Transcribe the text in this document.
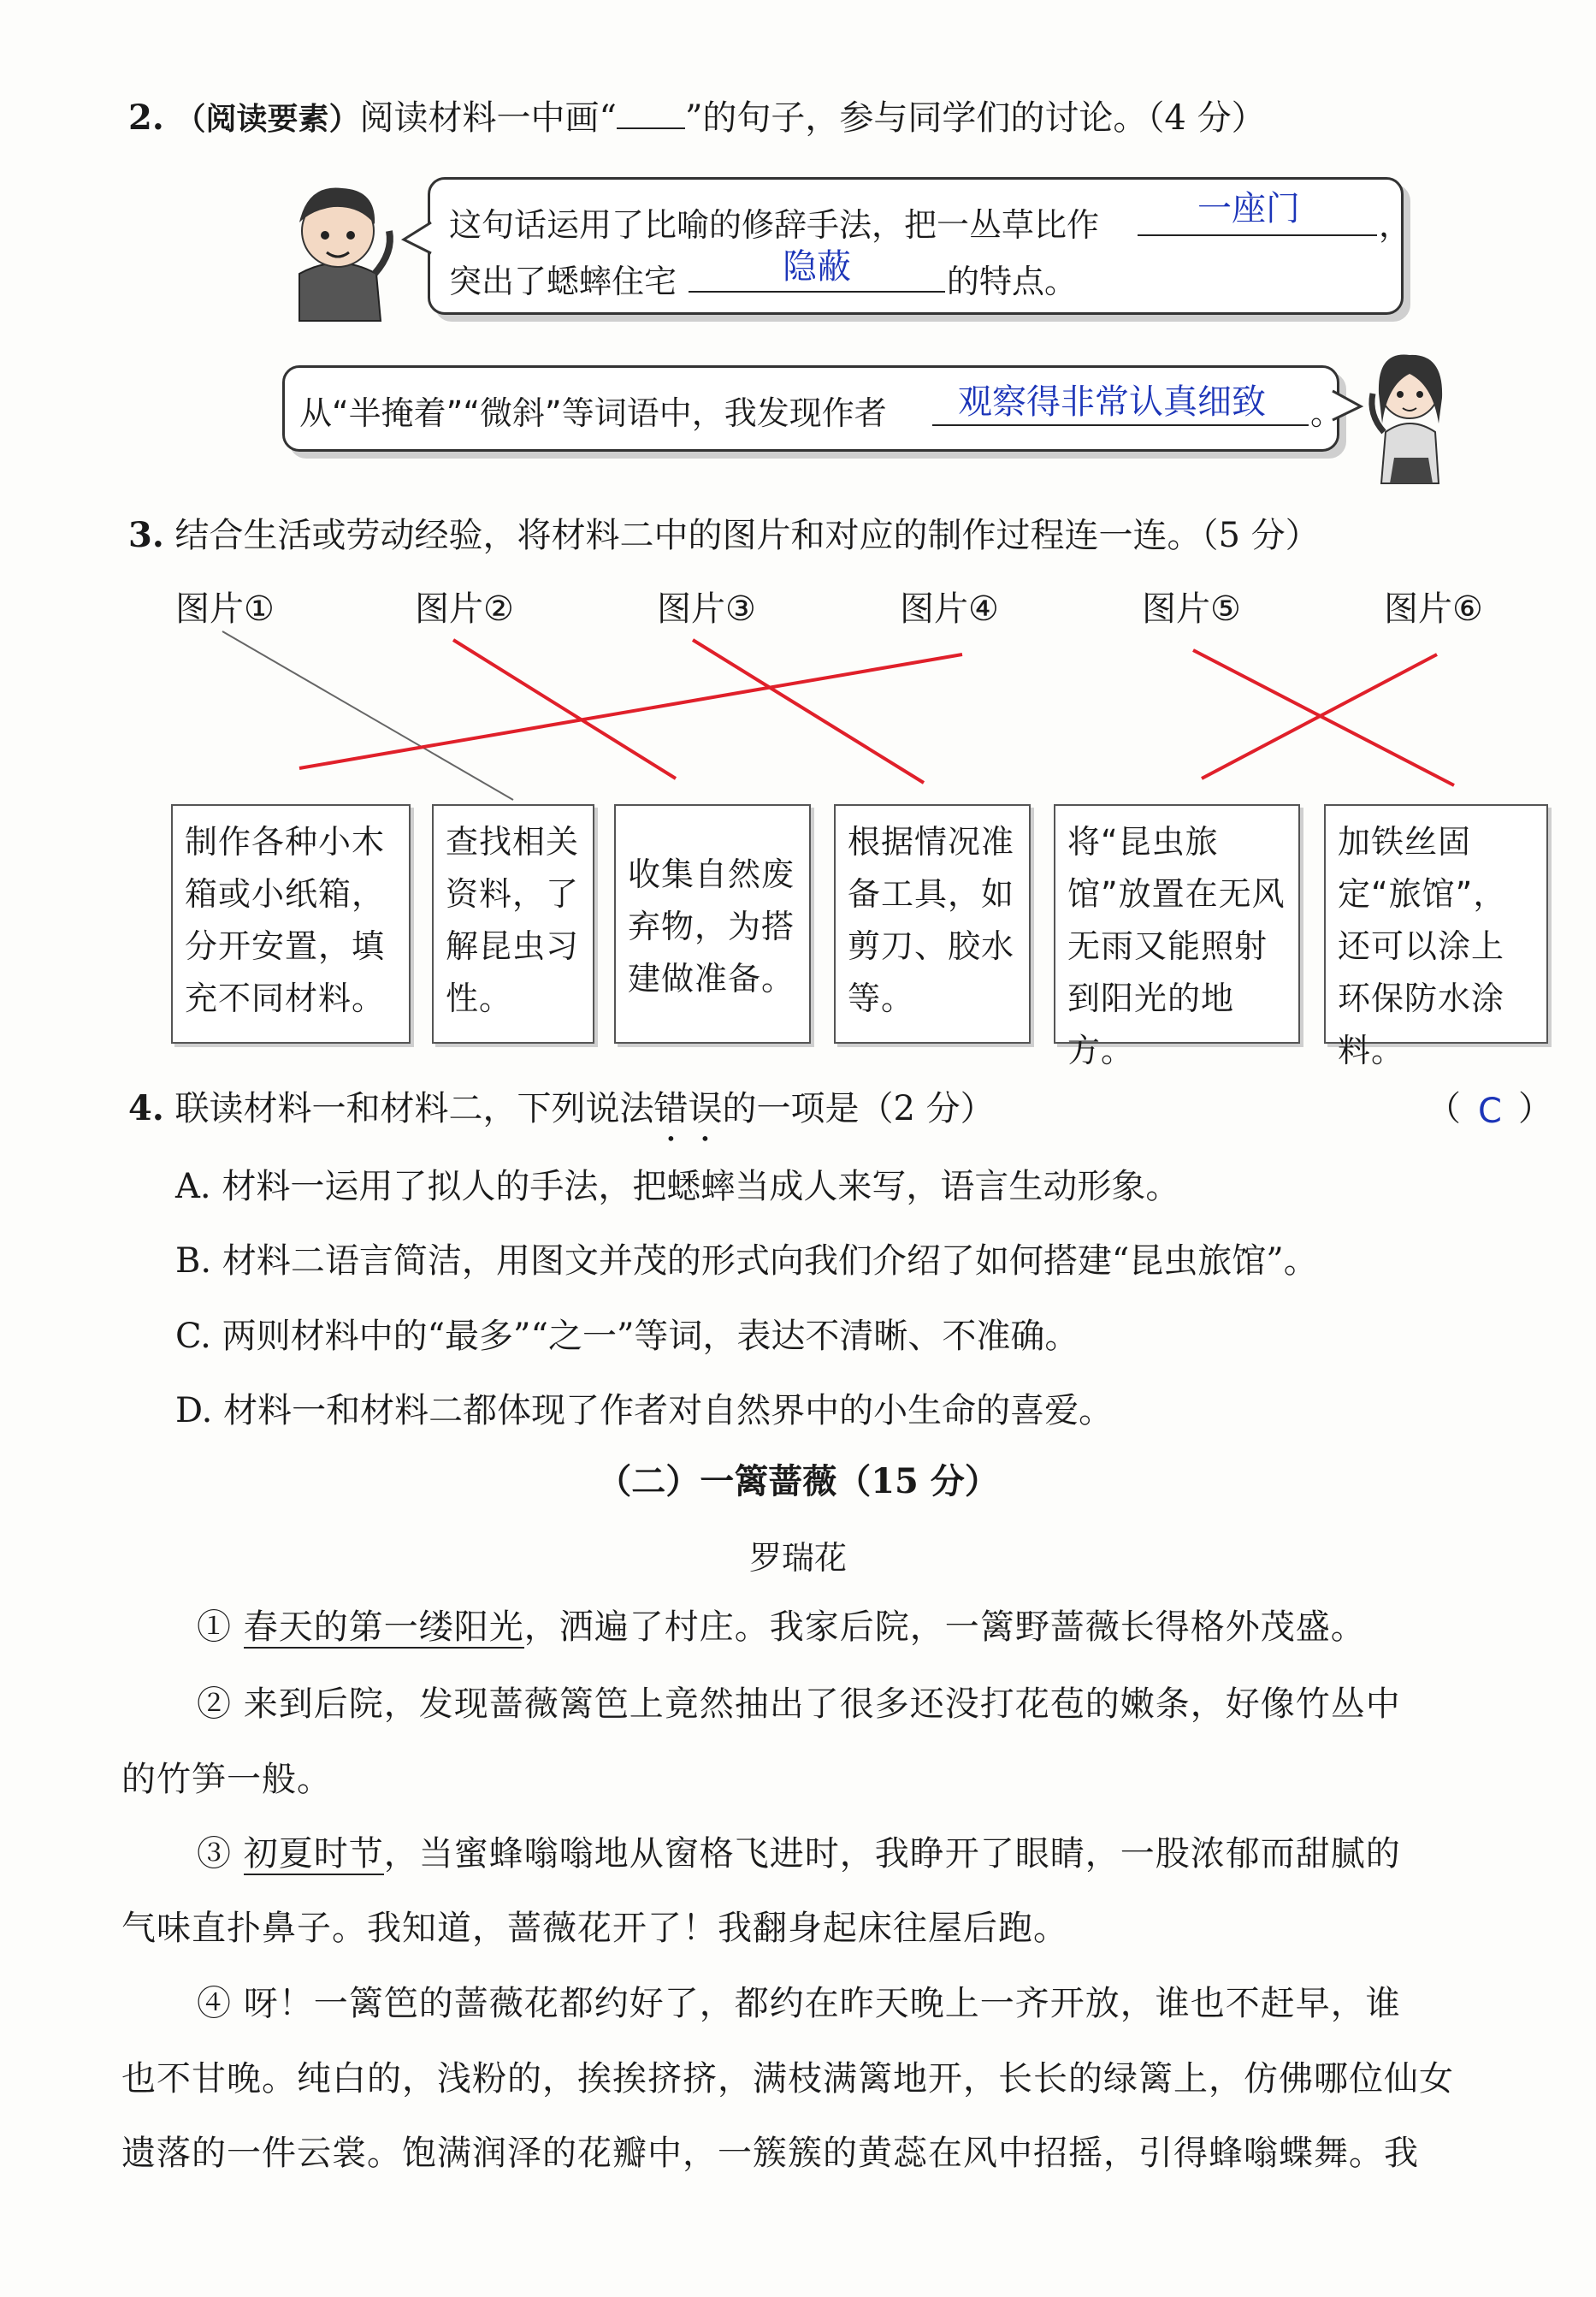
2. （阅读要素）阅读材料一中画“ ”的句子，参与同学们的讨论。（4 分）
这句话运用了比喻的修辞手法，把一丛草比作	，
一座门
突出了蟋蟀住宅	隐蔽	的特点。
从“半掩着”“微斜”等词语中，我发现作者 观察得非常认真细致 。
3. 结合生活或劳动经验，将材料二中的图片和对应的制作过程连一连。（5 分）
图片①	图片②	图片③	图片④	图片⑤	图片⑥
制作各种小木箱或小纸箱，分开安置，填充不同材料。
查找相关资料，了解昆虫习性。
收集自然废弃物，为搭建做准备。
根据情况准备工具，如剪刀、胶水等。
将“昆虫旅馆”放置在无风无雨又能照射到阳光的地方。
加铁丝固定“旅馆”，还可以涂上环保防水涂料。
4. 联读材料一和材料二，下列说法错误的一项是（2 分）	（ C ）
A. 材料一运用了拟人的手法，把蟋蟀当成人来写，语言生动形象。
B. 材料二语言简洁，用图文并茂的形式向我们介绍了如何搭建“昆虫旅馆”。
C. 两则材料中的“最多”“之一”等词，表达不清晰、不准确。
D. 材料一和材料二都体现了作者对自然界中的小生命的喜爱。
（二）一篱蔷薇（15 分）
罗瑞花
① 春天的第一缕阳光，洒遍了村庄。我家后院，一篱野蔷薇长得格外茂盛。
② 来到后院，发现蔷薇篱笆上竟然抽出了很多还没打花苞的嫩条，好像竹丛中
的竹笋一般。
③ 初夏时节，当蜜蜂嗡嗡地从窗格飞进时，我睁开了眼睛，一股浓郁而甜腻的
气味直扑鼻子。我知道，蔷薇花开了！我翻身起床往屋后跑。
④ 呀！一篱笆的蔷薇花都约好了，都约在昨天晚上一齐开放，谁也不赶早，谁
也不甘晚。纯白的，浅粉的，挨挨挤挤，满枝满篱地开，长长的绿篱上，仿佛哪位仙女
遗落的一件云裳。饱满润泽的花瓣中，一簇簇的黄蕊在风中招摇，引得蜂嗡蝶舞。我
